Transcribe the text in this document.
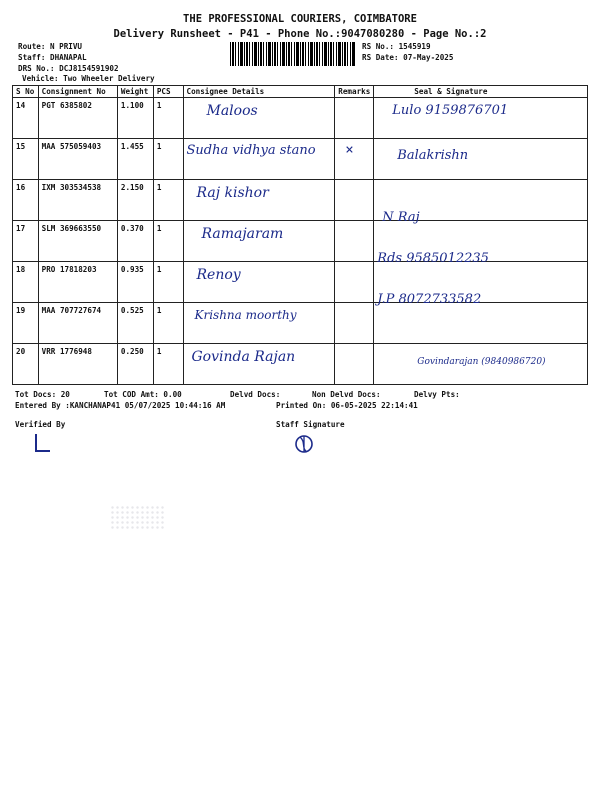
THE PROFESSIONAL COURIERS, COIMBATORE
Delivery Runsheet - P41 - Phone No.:9047080280 - Page No.:2
Route: N PRIVU
Staff: DHANAPAL
DRS No.: DCJ8154591902
Vehicle: Two Wheeler Delivery
RS No.: 1545919
RS Date: 07-May-2025
S No	Consignment No	Weight	PCS	Consignee Details	Remarks	Seal & Signature
14	PGT 6385802	1.100	1	Maloos		Lulo 9159876701

15	MAA 575059403	1.455	1	Sudha vidhya stano	×	Balakrishn

16	IXM 303534538	2.150	1	Raj kishor		

17	SLM 369663550	0.370	1	Ramajaram		N Raj

18	PRO 17818203	0.935	1	Renoy		Rds 9585012235

19	MAA 707727674	0.525	1	Krishna moorthy		J.P 8072733582

20	VRR 1776948	0.250	1	Govinda Rajan		Govindarajan (9840986720)
Tot Docs: 20	Tot COD Amt: 0.00	Delvd Docs:	Non Delvd Docs:	Delvy Pts:
Entered By :KANCHANAP41 05/07/2025 10:44:16 AM	Printed On: 06-05-2025 22:14:41
Verified By	Staff Signature
